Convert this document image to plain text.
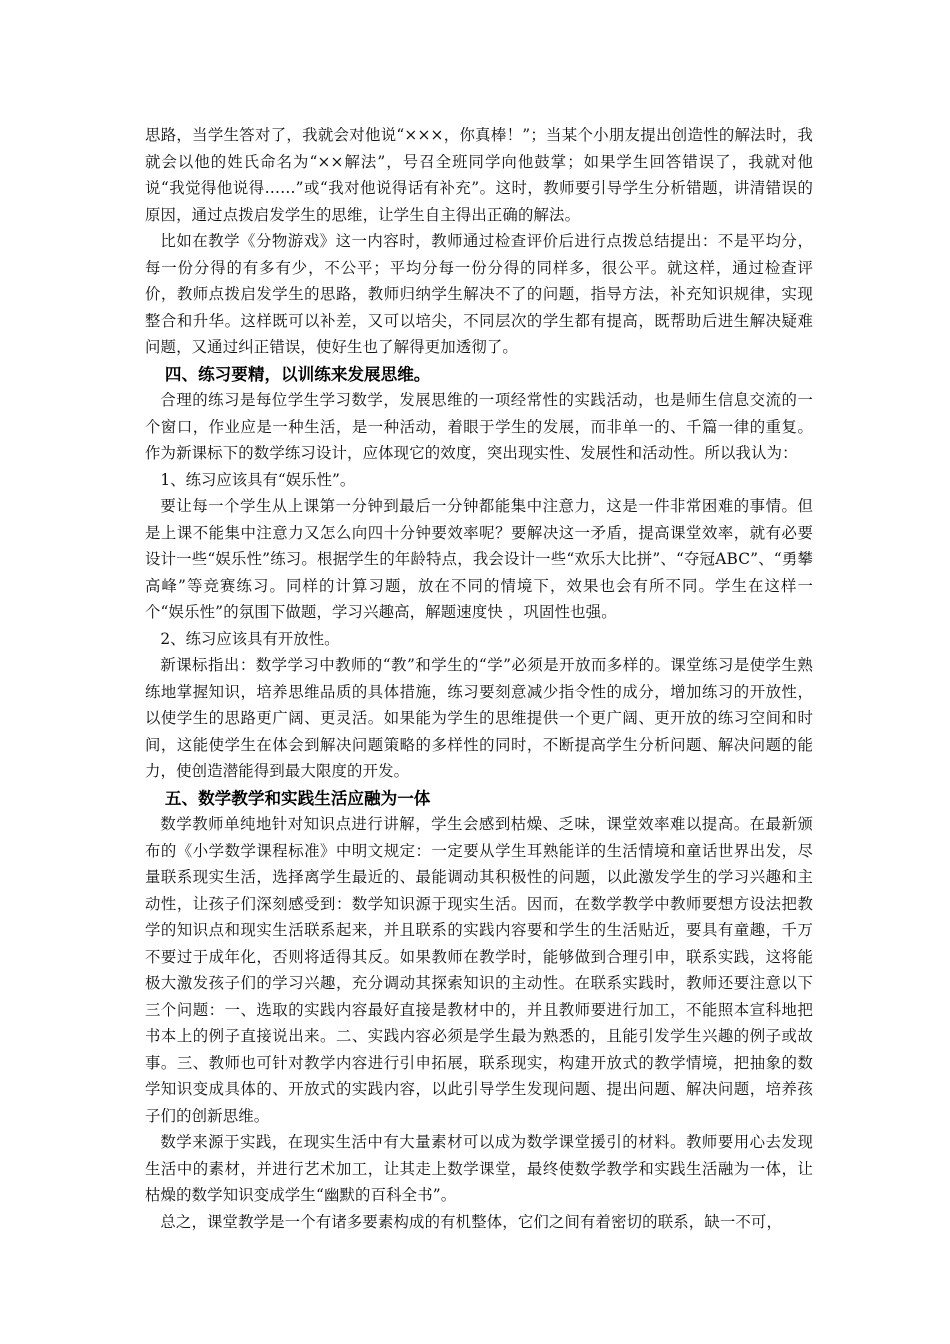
思路，当学生答对了，我就会对他说“×××，你真棒！”；当某个小朋友提出创造性的解法时，我就会以他的姓氏命名为“××解法”，号召全班同学向他鼓掌；如果学生回答错误了，我就对他说“我觉得他说得……”或“我对他说得话有补充”。这时，教师要引导学生分析错题，讲清错误的原因，通过点拨启发学生的思维，让学生自主得出正确的解法。

比如在教学《分物游戏》这一内容时，教师通过检查评价后进行点拨总结提出：不是平均分，每一份分得的有多有少，不公平；平均分每一份分得的同样多，很公平。就这样，通过检查评价，教师点拨启发学生的思路，教师归纳学生解决不了的问题，指导方法，补充知识规律，实现整合和升华。这样既可以补差，又可以培尖，不同层次的学生都有提高，既帮助后进生解决疑难问题，又通过纠正错误，使好生也了解得更加透彻了。

四、练习要精，以训练来发展思维。

合理的练习是每位学生学习数学，发展思维的一项经常性的实践活动，也是师生信息交流的一个窗口，作业应是一种生活，是一种活动，着眼于学生的发展，而非单一的、千篇一律的重复。作为新课标下的数学练习设计，应体现它的效度，突出现实性、发展性和活动性。所以我认为：

1、练习应该具有“娱乐性”。

要让每一个学生从上课第一分钟到最后一分钟都能集中注意力，这是一件非常困难的事情。但是上课不能集中注意力又怎么向四十分钟要效率呢？要解决这一矛盾，提高课堂效率，就有必要设计一些“娱乐性”练习。根据学生的年龄特点，我会设计一些“欢乐大比拼”、“夺冠ABC”、“勇攀高峰”等竞赛练习。同样的计算习题，放在不同的情境下，效果也会有所不同。学生在这样一个“娱乐性”的氛围下做题，学习兴趣高，解题速度快 ，巩固性也强。

2、练习应该具有开放性。

新课标指出：数学学习中教师的“教”和学生的“学”必须是开放而多样的。课堂练习是使学生熟练地掌握知识，培养思维品质的具体措施，练习要刻意减少指令性的成分，增加练习的开放性，以使学生的思路更广阔、更灵活。如果能为学生的思维提供一个更广阔、更开放的练习空间和时间，这能使学生在体会到解决问题策略的多样性的同时，不断提高学生分析问题、解决问题的能力，使创造潜能得到最大限度的开发。

五、数学教学和实践生活应融为一体

数学教师单纯地针对知识点进行讲解，学生会感到枯燥、乏味，课堂效率难以提高。在最新颁布的《小学数学课程标准》中明文规定：一定要从学生耳熟能详的生活情境和童话世界出发，尽量联系现实生活，选择离学生最近的、最能调动其积极性的问题，以此激发学生的学习兴趣和主动性，让孩子们深刻感受到：数学知识源于现实生活。因而，在数学教学中教师要想方设法把教学的知识点和现实生活联系起来，并且联系的实践内容要和学生的生活贴近，要具有童趣，千万不要过于成年化，否则将适得其反。如果教师在教学时，能够做到合理引申，联系实践，这将能极大激发孩子们的学习兴趣，充分调动其探索知识的主动性。在联系实践时，教师还要注意以下三个问题：一、选取的实践内容最好直接是教材中的，并且教师要进行加工，不能照本宣科地把书本上的例子直接说出来。二、实践内容必须是学生最为熟悉的，且能引发学生兴趣的例子或故事。三、教师也可针对教学内容进行引申拓展，联系现实，构建开放式的教学情境，把抽象的数学知识变成具体的、开放式的实践内容，以此引导学生发现问题、提出问题、解决问题，培养孩子们的创新思维。

数学来源于实践，在现实生活中有大量素材可以成为数学课堂援引的材料。教师要用心去发现生活中的素材，并进行艺术加工，让其走上数学课堂，最终使数学教学和实践生活融为一体，让枯燥的数学知识变成学生“幽默的百科全书”。

总之，课堂教学是一个有诸多要素构成的有机整体，它们之间有着密切的联系，缺一不可，
